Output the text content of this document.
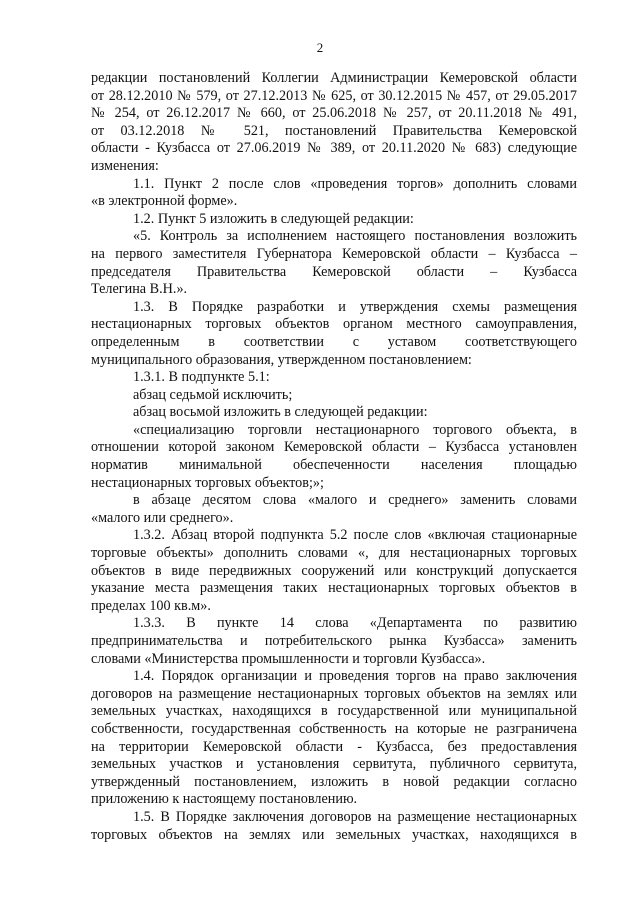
2
редакции постановлений Коллегии Администрации Кемеровской области
от 28.12.2010 № 579, от 27.12.2013 № 625, от 30.12.2015 № 457, от 29.05.2017
№ 254, от 26.12.2017 № 660, от 25.06.2018 № 257, от 20.11.2018 № 491,
от 03.12.2018 № 521, постановлений Правительства Кемеровской
области - Кузбасса от 27.06.2019 № 389, от 20.11.2020 № 683) следующие
изменения:
1.1. Пункт 2 после слов «проведения торгов» дополнить словами
«в электронной форме».
1.2. Пункт 5 изложить в следующей редакции:
«5. Контроль за исполнением настоящего постановления возложить
на первого заместителя Губернатора Кемеровской области – Кузбасса –
председателя Правительства Кемеровской области – Кузбасса
Телегина В.Н.».
1.3. В Порядке разработки и утверждения схемы размещения
нестационарных торговых объектов органом местного самоуправления,
определенным в соответствии с уставом соответствующего
муниципального образования, утвержденном постановлением:
1.3.1. В подпункте 5.1:
абзац седьмой исключить;
абзац восьмой изложить в следующей редакции:
«специализацию торговли нестационарного торгового объекта, в
отношении которой законом Кемеровской области – Кузбасса установлен
норматив минимальной обеспеченности населения площадью
нестационарных торговых объектов;»;
в абзаце десятом слова «малого и среднего» заменить словами
«малого или среднего».
1.3.2. Абзац второй подпункта 5.2 после слов «включая стационарные
торговые объекты» дополнить словами «, для нестационарных торговых
объектов в виде передвижных сооружений или конструкций допускается
указание места размещения таких нестационарных торговых объектов в
пределах 100 кв.м».
1.3.3. В пункте 14 слова «Департамента по развитию
предпринимательства и потребительского рынка Кузбасса» заменить
словами «Министерства промышленности и торговли Кузбасса».
1.4. Порядок организации и проведения торгов на право заключения
договоров на размещение нестационарных торговых объектов на землях или
земельных участках, находящихся в государственной или муниципальной
собственности, государственная собственность на которые не разграничена
на территории Кемеровской области - Кузбасса, без предоставления
земельных участков и установления сервитута, публичного сервитута,
утвержденный постановлением, изложить в новой редакции согласно
приложению к настоящему постановлению.
1.5. В Порядке заключения договоров на размещение нестационарных
торговых объектов на землях или земельных участках, находящихся в
